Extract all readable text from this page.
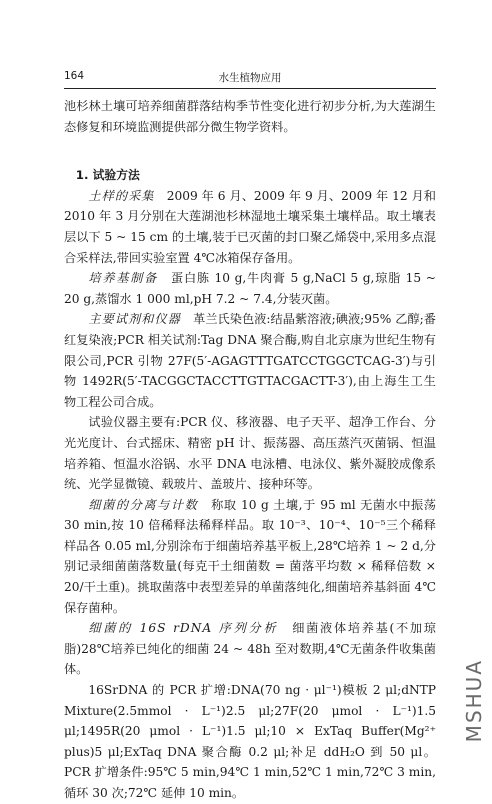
164	水生植物应用

池杉林土壤可培养细菌群落结构季节性变化进行初步分析,为大莲湖生态修复和环境监测提供部分微生物学资料。

1. 试验方法

土样的采集　2009 年 6 月、2009 年 9 月、2009 年 12 月和 2010 年 3 月分别在大莲湖池杉林湿地土壤采集土壤样品。取土壤表层以下 5 ~ 15 cm 的土壤,装于已灭菌的封口聚乙烯袋中,采用多点混合采样法,带回实验室置 4℃冰箱保存备用。

培养基制备　蛋白胨 10 g,牛肉膏 5 g,NaCl 5 g,琼脂 15 ~ 20 g,蒸馏水 1 000 ml,pH 7.2 ~ 7.4,分装灭菌。

主要试剂和仪器　革兰氏染色液:结晶紫溶液;碘液;95% 乙醇;番红复染液;PCR 相关试剂:Tag DNA 聚合酶,购自北京康为世纪生物有限公司,PCR 引物 27F(5′-AGAGTTTGATCCTGGCTCAG-3′)与引物 1492R(5′-TACGGCTACCTTGTTACGACTT-3′),由上海生工生物工程公司合成。

试验仪器主要有:PCR 仪、移液器、电子天平、超净工作台、分光光度计、台式摇床、精密 pH 计、振荡器、高压蒸汽灭菌锅、恒温培养箱、恒温水浴锅、水平 DNA 电泳槽、电泳仪、紫外凝胶成像系统、光学显微镜、载玻片、盖玻片、接种环等。

细菌的分离与计数　称取 10 g 土壤,于 95 ml 无菌水中振荡 30 min,按 10 倍稀释法稀释样品。取 10⁻³、10⁻⁴、10⁻⁵三个稀释样品各 0.05 ml,分别涂布于细菌培养基平板上,28℃培养 1 ~ 2 d,分别记录细菌菌落数量(每克干土细菌数 = 菌落平均数 × 稀释倍数 × 20/干土重)。挑取菌落中表型差异的单菌落纯化,细菌培养基斜面 4℃保存菌种。

细菌的 16S rDNA 序列分析　细菌液体培养基(不加琼脂)28℃培养已纯化的细菌 24 ~ 48h 至对数期,4℃无菌条件收集菌体。

16SrDNA 的 PCR 扩增:DNA(70 ng · μl⁻¹)模板 2 μl;dNTP Mixture(2.5mmol · L⁻¹)2.5 μl;27F(20 μmol · L⁻¹)1.5 μl;1495R(20 μmol · L⁻¹)1.5 μl;10 × ExTaq Buffer(Mg²⁺ plus)5 μl;ExTaq DNA 聚合酶 0.2 μl;补足 ddH₂O 到 50 μl。PCR 扩增条件:95℃ 5 min,94℃ 1 min,52℃ 1 min,72℃ 3 min,循环 30 次;72℃ 延伸 10 min。

MSHUA
